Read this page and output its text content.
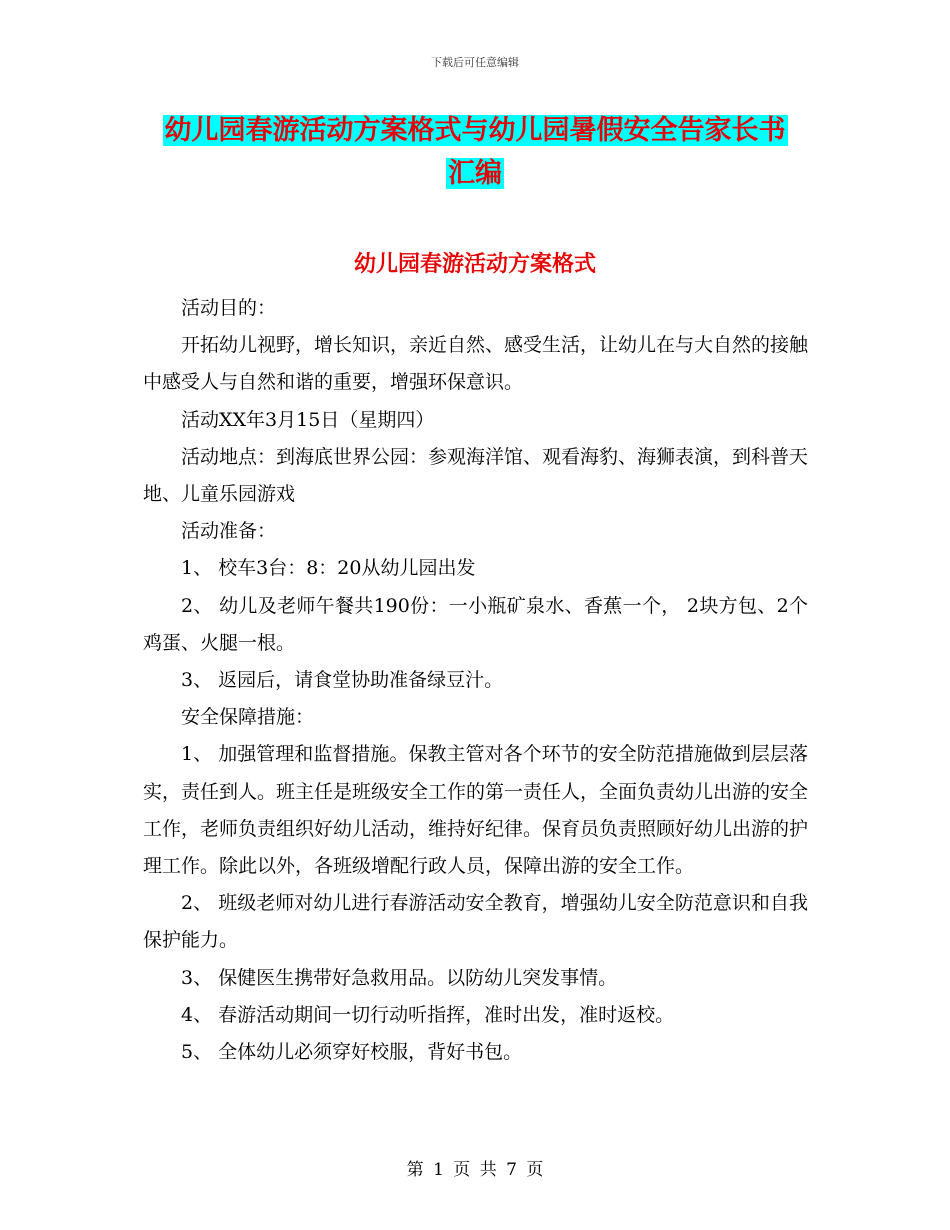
下载后可任意编辑
幼儿园春游活动方案格式与幼儿园暑假安全告家长书
汇编
幼儿园春游活动方案格式

活动目的：

开拓幼儿视野，增长知识，亲近自然、感受生活，让幼儿在与大自然的接触中感受人与自然和谐的重要，增强环保意识。

活动XX年3月15日（星期四）

活动地点：到海底世界公园：参观海洋馆、观看海豹、海狮表演，到科普天地、儿童乐园游戏

活动准备：

1、 校车3台：8：20从幼儿园出发

2、 幼儿及老师午餐共190份：一小瓶矿泉水、香蕉一个， 2块方包、2个鸡蛋、火腿一根。

3、 返园后，请食堂协助准备绿豆汁。

安全保障措施：

1、 加强管理和监督措施。保教主管对各个环节的安全防范措施做到层层落实，责任到人。班主任是班级安全工作的第一责任人，全面负责幼儿出游的安全工作，老师负责组织好幼儿活动，维持好纪律。保育员负责照顾好幼儿出游的护理工作。除此以外，各班级增配行政人员，保障出游的安全工作。

2、 班级老师对幼儿进行春游活动安全教育，增强幼儿安全防范意识和自我保护能力。

3、 保健医生携带好急救用品。以防幼儿突发事情。

4、 春游活动期间一切行动听指挥，准时出发，准时返校。

5、 全体幼儿必须穿好校服，背好书包。

第 1 页 共 7 页
